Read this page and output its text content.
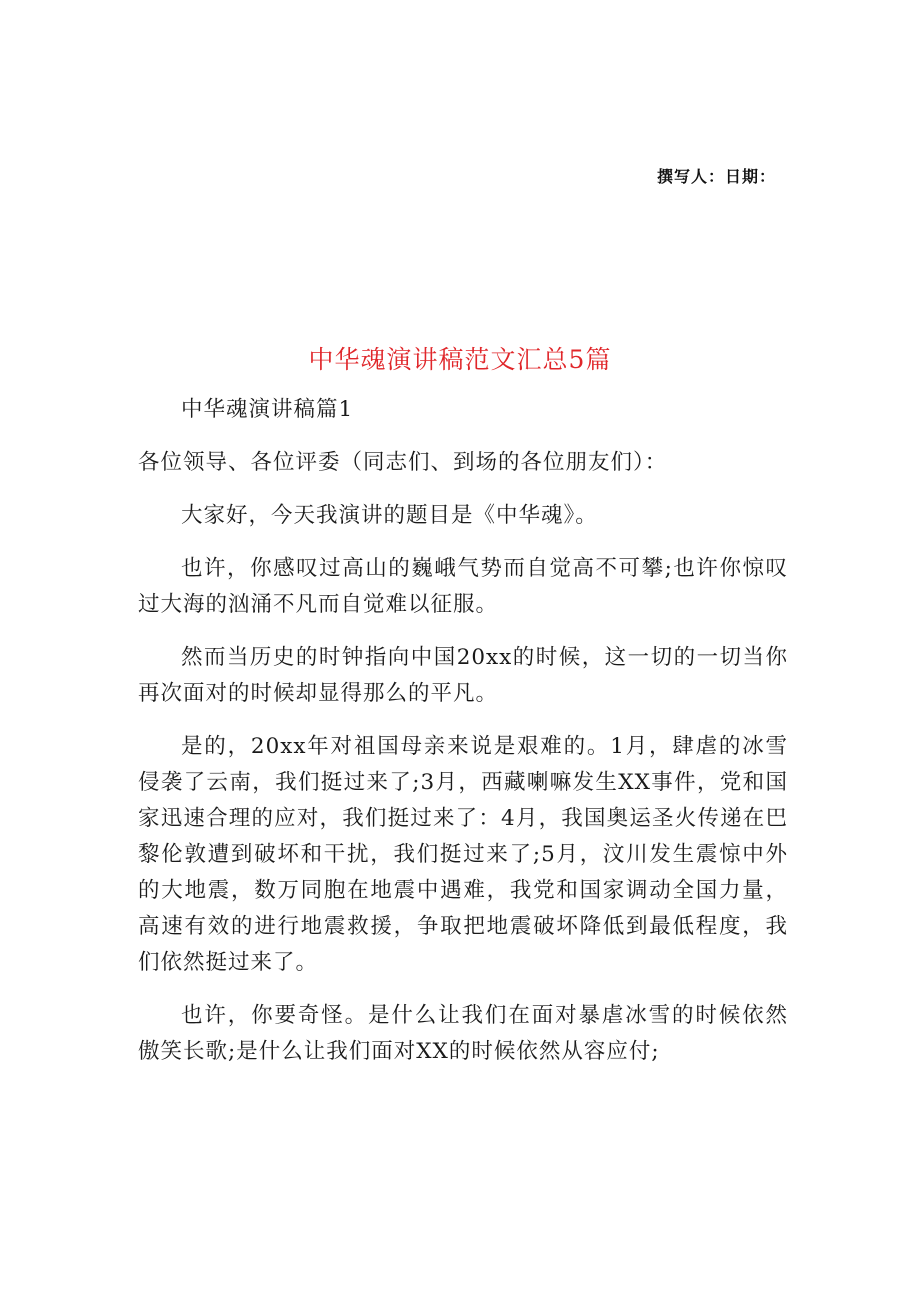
撰写人：日期：
中华魂演讲稿范文汇总5篇

中华魂演讲稿篇1

各位领导、各位评委（同志们、到场的各位朋友们）：

大家好，今天我演讲的题目是《中华魂》。

也许，你感叹过高山的巍峨气势而自觉高不可攀;也许你惊叹过大海的汹涌不凡而自觉难以征服。

然而当历史的时钟指向中国20xx的时候，这一切的一切当你再次面对的时候却显得那么的平凡。

是的，20xx年对祖国母亲来说是艰难的。1月，肆虐的冰雪侵袭了云南，我们挺过来了;3月，西藏喇嘛发生XX事件，党和国家迅速合理的应对，我们挺过来了：4月，我国奥运圣火传递在巴黎伦敦遭到破坏和干扰，我们挺过来了;5月，汶川发生震惊中外的大地震，数万同胞在地震中遇难，我党和国家调动全国力量，高速有效的进行地震救援，争取把地震破坏降低到最低程度，我们依然挺过来了。

也许，你要奇怪。是什么让我们在面对暴虐冰雪的时候依然傲笑长歌;是什么让我们面对XX的时候依然从容应付;
